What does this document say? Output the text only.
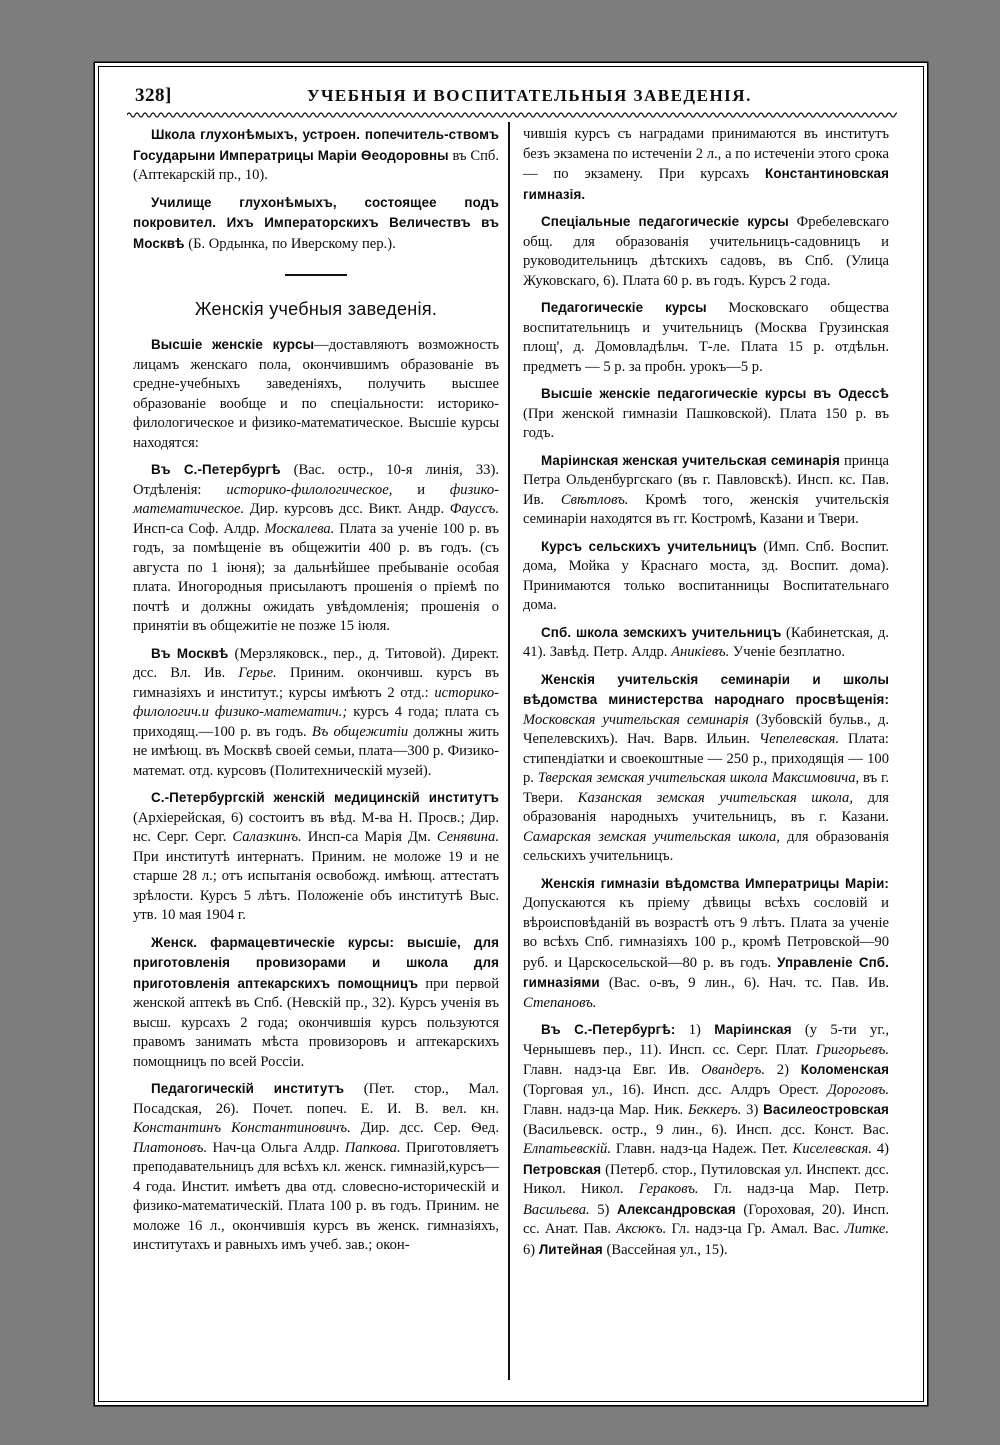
328]	УЧЕБНЫЯ И ВОСПИТАТЕЛЬНЫЯ ЗАВЕДЕНІЯ.

Школа глухонѣмыхъ, устроен. попечитель-ствомъ Государыни Императрицы Маріи Ѳеодоровны въ Спб. (Аптекарскій пр., 10).

Училище глухонѣмыхъ, состоящее подъ покровител. Ихъ Императорскихъ Величествъ въ Москвѣ (Б. Ордынка, по Иверскому пер.).

Женскія учебныя заведенія.

Высшіе женскіе курсы—доставляютъ возможность лицамъ женскаго пола, окончившимъ образованіе въ средне-учебныхъ заведеніяхъ, получить высшее образованіе вообще и по спеціальности: историко-филологическое и физико-математическое. Высшіе курсы находятся:

Въ С.-Петербургѣ (Вас. остр., 10-я линія, 33). Отдѣленія: историко-филологическое, и физико-математическое. Дир. курсовъ дсс. Викт. Андр. Фауссъ. Инсп-са Соф. Алдр. Москалева. Плата за ученіе 100 р. въ годъ, за помѣщеніе въ общежитіи 400 р. въ годъ. (съ августа по 1 іюня); за дальнѣйшее пребываніе особая плата. Иногородныя присылаютъ прошенія о пріемѣ по почтѣ и должны ожидать увѣдомленія; прошенія о принятіи въ общежитіе не позже 15 іюля.

Въ Москвѣ (Мерзляковск., пер., д. Титовой). Директ. дсс. Вл. Ив. Герье. Приним. окончивш. курсъ въ гимназіяхъ и институт.; курсы имѣютъ 2 отд.: историко-филологич.и физико-математич.; курсъ 4 года; плата съ приходящ.—100 р. въ годъ. Въ общежитіи должны жить не имѣющ. въ Москвѣ своей семьи, плата—300 р. Физико-математ. отд. курсовъ (Политехническій музей).

С.-Петербургскій женскій медицинскій институтъ (Архіерейская, 6) состоитъ въ вѣд. М-ва Н. Просв.; Дир. нс. Серг. Серг. Салазкинъ. Инсп-са Марія Дм. Сенявина. При институтѣ интернатъ. Приним. не моложе 19 и не старше 28 л.; отъ испытанія освобожд. имѣющ. аттестатъ зрѣлости. Курсъ 5 лѣтъ. Положеніе объ институтѣ Выс. утв. 10 мая 1904 г.

Женск. фармацевтическіе курсы: высшіе, для приготовленія провизорами и школа для приготовленія аптекарскихъ помощницъ при первой женской аптекѣ въ Спб. (Невскій пр., 32). Курсъ ученія въ высш. курсахъ 2 года; окончившія курсъ пользуются правомъ занимать мѣста провизоровъ и аптекарскихъ помощницъ по всей Россіи.

Педагогическій институтъ (Пет. стор., Мал. Посадская, 26). Почет. попеч. Е. И. В. вел. кн. Константинъ Константиновичъ. Дир. дсс. Сер. Ѳед. Платоновъ. Нач-ца Ольга Алдр. Папкова. Приготовляетъ преподавательницъ для всѣхъ кл. женск. гимназій,курсъ—4 года. Инстит. имѣетъ два отд. словесно-историческій и физико-математическій. Плата 100 р. въ годъ. Приним. не моложе 16 л., окончившія курсъ въ женск. гимназіяхъ, институтахъ и равныхъ имъ учеб. зав.; окон-

чившія курсъ съ наградами принимаются въ институтъ безъ экзамена по истеченіи 2 л., а по истеченіи этого срока — по экзамену. При курсахъ Константиновская гимназія.

Спеціальные педагогическіе курсы Фребелевскаго общ. для образованія учительницъ-садовницъ и руководительницъ дѣтскихъ садовъ, въ Спб. (Улица Жуковскаго, 6). Плата 60 р. въ годъ. Курсъ 2 года.

Педагогическіе курсы Московскаго общества воспитательницъ и учительницъ (Москва Грузинская площ', д. Домовладѣльч. Т-ле. Плата 15 р. отдѣльн. предметъ — 5 р. за пробн. урокъ—5 р.

Высшіе женскіе педагогическіе курсы въ Одессѣ (При женской гимназіи Пашковской). Плата 150 р. въ годъ.

Маріинская женская учительская семинарія принца Петра Ольденбургскаго (въ г. Павловскѣ). Инсп. кс. Пав. Ив. Свѣтловъ. Кромѣ того, женскія учительскія семинаріи находятся въ гг. Костромѣ, Казани и Твери.

Курсъ сельскихъ учительницъ (Имп. Спб. Воспит. дома, Мойка у Краснаго моста, зд. Воспит. дома). Принимаются только воспитанницы Воспитательнаго дома.

Спб. школа земскихъ учительницъ (Кабинетская, д. 41). Завѣд. Петр. Алдр. Аникіевъ. Ученіе безплатно.

Женскія учительскія семинаріи и школы вѣдомства министерства народнаго просвѣщенія: Московская учительская семинарія (Зубовскій бульв., д. Чепелевскихъ). Нач. Варв. Ильин. Чепелевская. Плата: стипендіатки и своекоштные — 250 р., приходящія — 100 р. Тверская земская учительская школа Максимовича, въ г. Твери. Казанская земская учительская школа, для образованія народныхъ учительницъ, въ г. Казани. Самарская земская учительская школа, для образованія сельскихъ учительницъ.

Женскія гимназіи вѣдомства Императрицы Маріи: Допускаются къ пріему дѣвицы всѣхъ сословій и вѣроисповѣданій въ возрастѣ отъ 9 лѣтъ. Плата за ученіе во всѣхъ Спб. гимназіяхъ 100 р., кромѣ Петровской—90 руб. и Царскосельской—80 р. въ годъ. Управленіе Спб. гимназіями (Вас. о-въ, 9 лин., 6). Нач. тс. Пав. Ив. Степановъ.

Въ С.-Петербургѣ: 1) Маріинская (у 5-ти уг., Чернышевъ пер., 11). Инсп. сс. Серг. Плат. Григорьевъ. Главн. надз-ца Евг. Ив. Овандеръ. 2) Коломенская (Торговая ул., 16). Инсп. дсс. Алдръ Орест. Дороговъ. Главн. надз-ца Мар. Ник. Беккеръ. 3) Василеостровская (Васильевск. остр., 9 лин., 6). Инсп. дсс. Конст. Вас. Елпатьевскій. Главн. надз-ца Надеж. Пет. Киселевская. 4) Петровская (Петерб. стор., Путиловская ул. Инспект. дсс. Никол. Никол. Гераковъ. Гл. надз-ца Мар. Петр. Васильева. 5) Александровская (Гороховая, 20). Инсп. сс. Анат. Пав. Аксюкъ. Гл. надз-ца Гр. Амал. Вас. Литке. 6) Литейная (Вассейная ул., 15).
